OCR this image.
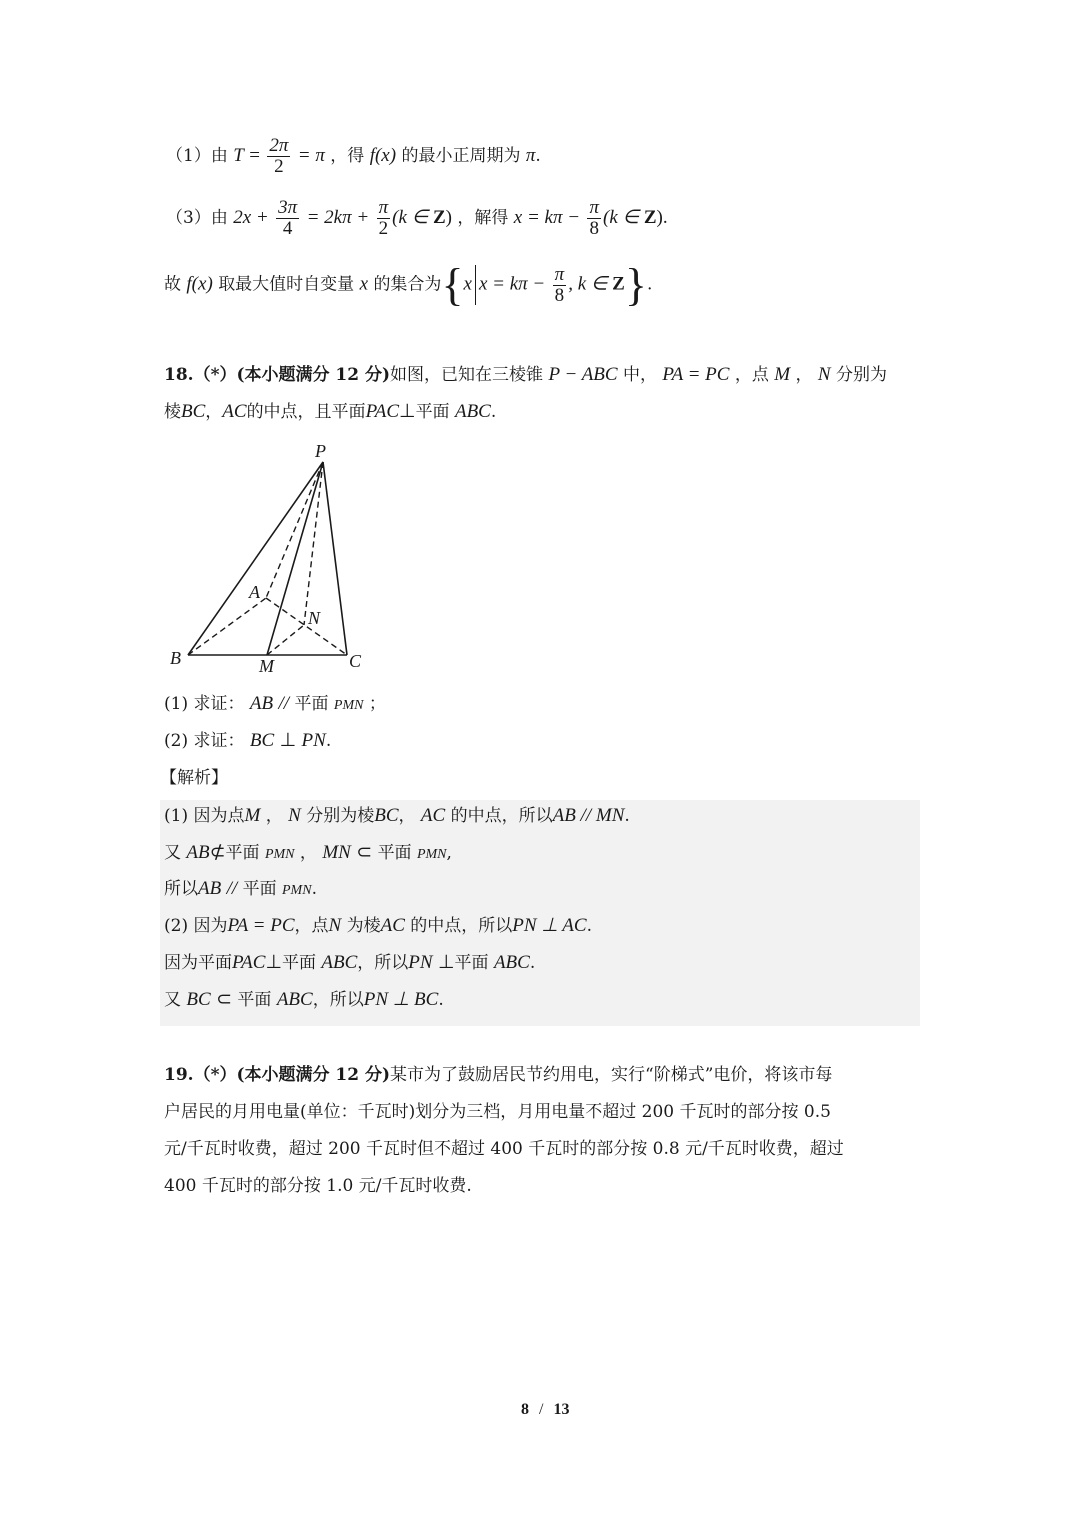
（1）由 $T = \frac{2\pi}{2} = \pi$ ，得 f(x) 的最小正周期为 π.
（3）由 $2x + \frac{3\pi}{4} = 2k\pi + \frac{\pi}{2} (k$ ∈ Z) ，解得 $x = k\pi - \frac{\pi}{8} (k$ ∈ Z).
故 f(x) 取最大值时自变量 x 的集合为{x $x = k\pi - \frac{\pi}{8}$ , k ∈ Z}.
18.（*）(本小题满分 12 分)如图，已知在三棱锥 P − ABC 中， PA = PC ，点 M ， N 分别为
棱BC，AC的中点，且平面PAC⊥平面 ABC.
P
A
N
B	M	C
(1) 求证： AB // 平面 PMN ；
(2) 求证： BC ⊥ PN.
【解析】
(1) 因为点M ， N 分别为棱BC， AC 的中点，所以AB // MN.
又 AB⊄平面 PMN ， MN ⊂ 平面 PMN,
所以AB // 平面 PMN.
(2) 因为PA = PC，点N 为棱AC 的中点，所以PN ⊥ AC.
因为平面PAC⊥平面 ABC，所以PN ⊥平面 ABC.
又 BC ⊂ 平面 ABC，所以PN ⊥ BC.
19.（*）(本小题满分 12 分)某市为了鼓励居民节约用电，实行“阶梯式”电价，将该市每
户居民的月用电量(单位：千瓦时)划分为三档，月用电量不超过 200 千瓦时的部分按 0.5
元/千瓦时收费，超过 200 千瓦时但不超过 400 千瓦时的部分按 0.8 元/千瓦时收费，超过
400 千瓦时的部分按 1.0 元/千瓦时收费.
8 / 13
